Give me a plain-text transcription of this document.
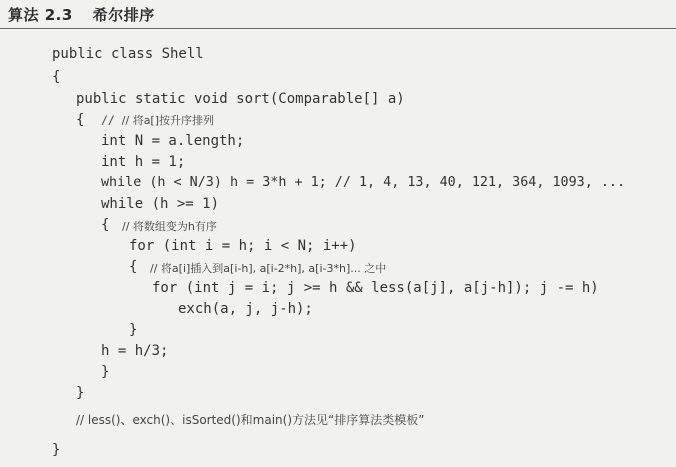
算法 2.3 希尔排序
public class Shell
{
public static void sort(Comparable[] a)
{ // // 将a[]按升序排列
int N = a.length;
int h = 1;
while (h < N/3) h = 3*h + 1; // 1, 4, 13, 40, 121, 364, 1093, ...
while (h >= 1)
{ // 将数组变为h有序
for (int i = h; i < N; i++)
{ // 将a[i]插入到a[i-h], a[i-2*h], a[i-3*h]... 之中
for (int j = i; j >= h && less(a[j], a[j-h]); j -= h)
exch(a, j, j-h);
}
h = h/3;
}
}
// less()、exch()、isSorted()和main()方法见“排序算法类模板”
}
